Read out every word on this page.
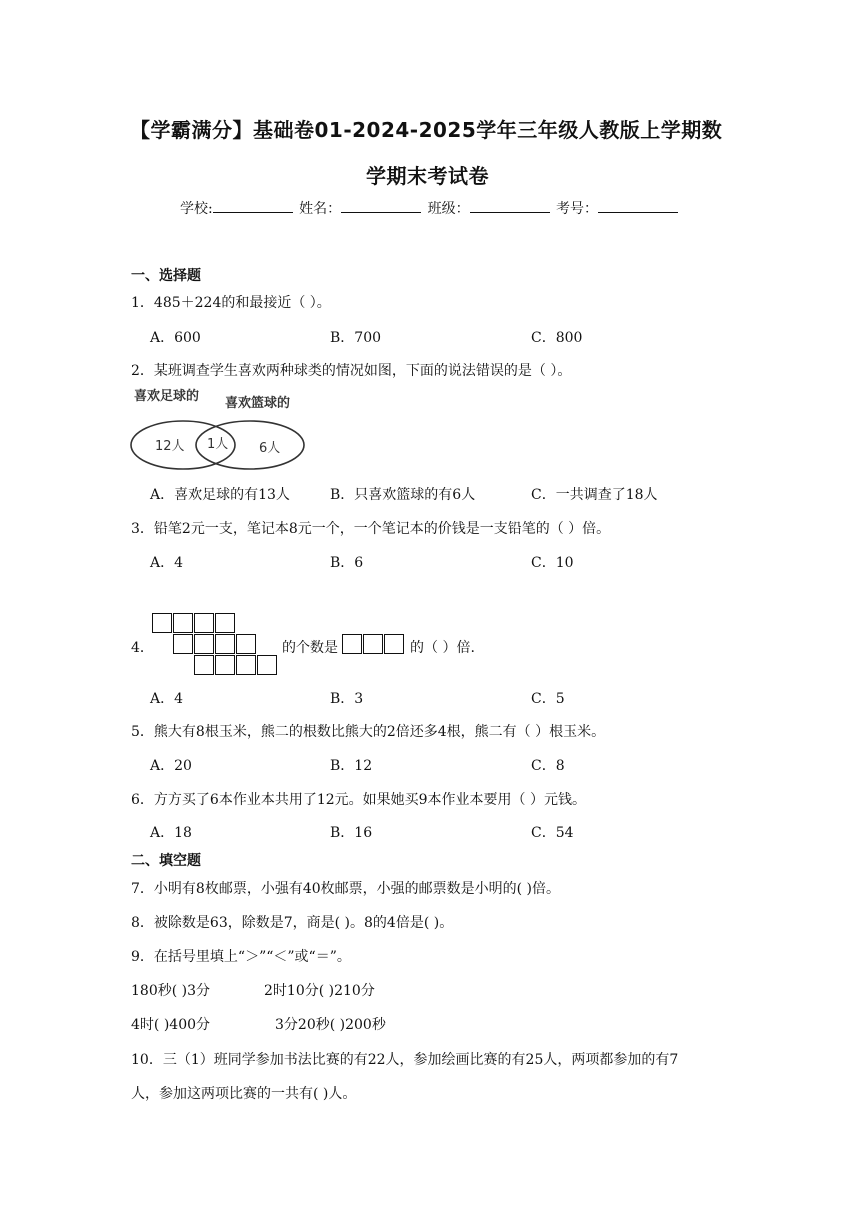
【学霸满分】基础卷01-2024-2025学年三年级人教版上学期数
学期末考试卷
学校:	姓名：	班级：	考号：
一、选择题
1．485＋224的和最接近（ ）。
A．600	B．700	C．800
2．某班调查学生喜欢两种球类的情况如图，下面的说法错误的是（ ）。
喜欢足球的 喜欢篮球的
12人 1人 6人
A．喜欢足球的有13人	B．只喜欢篮球的有6人	C．一共调查了18人
3．铅笔2元一支，笔记本8元一个，一个笔记本的价钱是一支铅笔的（ ）倍。
A．4	B．6	C．10
4．	的个数是	的（ ）倍.
A．4	B．3	C．5
5．熊大有8根玉米，熊二的根数比熊大的2倍还多4根，熊二有（ ）根玉米。
A．20	B．12	C．8
6．方方买了6本作业本共用了12元。如果她买9本作业本要用（ ）元钱。
A．18	B．16	C．54
二、填空题
7．小明有8枚邮票，小强有40枚邮票，小强的邮票数是小明的( )倍。
8．被除数是63，除数是7，商是( )。8的4倍是( )。
9．在括号里填上“＞”“＜”或“＝”。
180秒( )3分	2时10分( )210分
4时( )400分	3分20秒( )200秒
10．三（1）班同学参加书法比赛的有22人，参加绘画比赛的有25人，两项都参加的有7
人，参加这两项比赛的一共有( )人。
